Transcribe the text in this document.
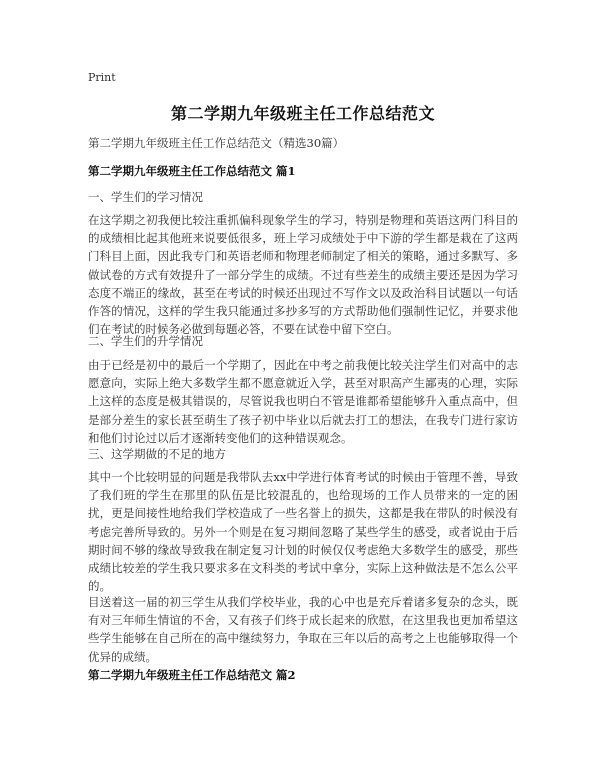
Print
第二学期九年级班主任工作总结范文
第二学期九年级班主任工作总结范文（精选30篇）
第二学期九年级班主任工作总结范文 篇1
一、学生们的学习情况
在这学期之初我便比较注重抓偏科现象学生的学习，特别是物理和英语这两门科目的的成绩相比起其他班来说要低很多，班上学习成绩处于中下游的学生都是栽在了这两门科目上面，因此我专门和英语老师和物理老师制定了相关的策略，通过多默写、多做试卷的方式有效提升了一部分学生的成绩。不过有些差生的成绩主要还是因为学习态度不端正的缘故，甚至在考试的时候还出现过不写作文以及政治科目试题以一句话作答的情况，这样的学生我只能通过多抄多写的方式帮助他们强制性记忆，并要求他们在考试的时候务必做到每题必答，不要在试卷中留下空白。
二、学生们的升学情况
由于已经是初中的最后一个学期了，因此在中考之前我便比较关注学生们对高中的志愿意向，实际上绝大多数学生都不愿意就近入学，甚至对职高产生鄙夷的心理，实际上这样的态度是极其错误的，尽管说我也明白不管是谁都希望能够升入重点高中，但是部分差生的家长甚至萌生了孩子初中毕业以后就去打工的想法，在我专门进行家访和他们讨论过以后才逐渐转变他们的这种错误观念。
三、这学期做的不足的地方
其中一个比较明显的问题是我带队去xx中学进行体育考试的时候由于管理不善，导致了我们班的学生在那里的队伍是比较混乱的，也给现场的工作人员带来的一定的困扰，更是间接性地给我们学校造成了一些名誉上的损失，这都是我在带队的时候没有考虑完善所导致的。另外一个则是在复习期间忽略了某些学生的感受，或者说由于后期时间不够的缘故导致我在制定复习计划的时候仅仅考虑绝大多数学生的感受，那些成绩比较差的学生我只要求多在文科类的考试中拿分，实际上这种做法是不怎么公平的。
目送着这一届的初三学生从我们学校毕业，我的心中也是充斥着诸多复杂的念头，既有对三年师生情谊的不舍，又有孩子们终于成长起来的欣慰，在这里我也更加希望这些学生能够在自己所在的高中继续努力，争取在三年以后的高考之上也能够取得一个优异的成绩。
第二学期九年级班主任工作总结范文 篇2
